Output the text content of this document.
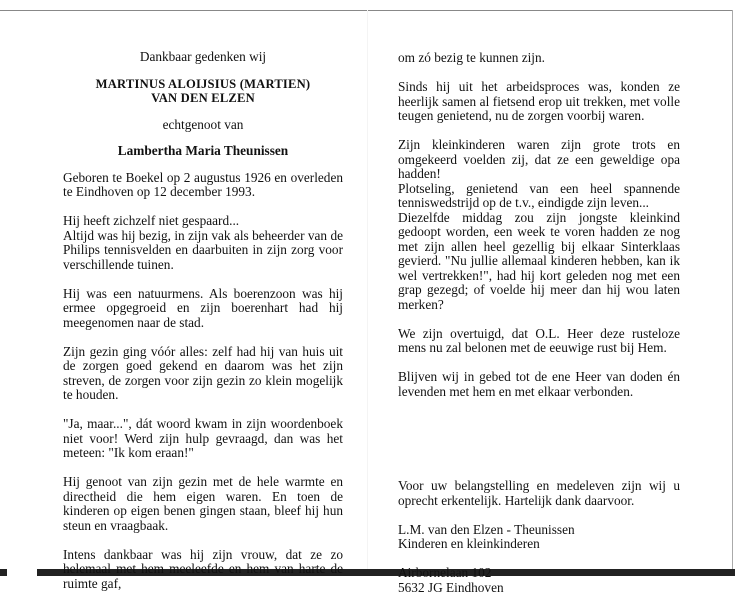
Dankbaar gedenken wij

MARTINUS ALOIJSIUS (MARTIEN)

VAN DEN ELZEN

echtgenoot van

Lambertha Maria Theunissen

Geboren te Boekel op 2 augustus 1926 en overleden te Eindhoven op 12 december 1993.

Hij heeft zichzelf niet gespaard...

Altijd was hij bezig, in zijn vak als beheerder van de Philips tennisvelden en daarbuiten in zijn zorg voor verschillende tuinen.

Hij was een natuurmens. Als boerenzoon was hij ermee opgegroeid en zijn boerenhart had hij meegenomen naar de stad.

Zijn gezin ging vóór alles: zelf had hij van huis uit de zorgen goed gekend en daarom was het zijn streven, de zorgen voor zijn gezin zo klein mogelijk te houden.

"Ja, maar...", dát woord kwam in zijn woordenboek niet voor! Werd zijn hulp gevraagd, dan was het meteen: "Ik kom eraan!"

Hij genoot van zijn gezin met de hele warmte en directheid die hem eigen waren. En toen de kinderen op eigen benen gingen staan, bleef hij hun steun en vraagbaak.

Intens dankbaar was hij zijn vrouw, dat ze zo helemaal met hem meeleefde en hem van harte de ruimte gaf,

om zó bezig te kunnen zijn.

Sinds hij uit het arbeidsproces was, konden ze heerlijk samen al fietsend erop uit trekken, met volle teugen genietend, nu de zorgen voorbij waren.

Zijn kleinkinderen waren zijn grote trots en omgekeerd voelden zij, dat ze een geweldige opa hadden!

Plotseling, genietend van een heel spannende tenniswedstrijd op de t.v., eindigde zijn leven...

Diezelfde middag zou zijn jongste kleinkind gedoopt worden, een week te voren hadden ze nog met zijn allen heel gezellig bij elkaar Sinterklaas gevierd. "Nu jullie allemaal kinderen hebben, kan ik wel vertrekken!", had hij kort geleden nog met een grap gezegd; of voelde hij meer dan hij wou laten merken?

We zijn overtuigd, dat O.L. Heer deze rusteloze mens nu zal belonen met de eeuwige rust bij Hem.

Blijven wij in gebed tot de ene Heer van doden én levenden met hem en met elkaar verbonden.

Voor uw belangstelling en medeleven zijn wij u oprecht erkentelijk. Hartelijk dank daarvoor.

L.M. van den Elzen - Theunissen

Kinderen en kleinkinderen

Airbornelaan 102

5632 JG Eindhoven
